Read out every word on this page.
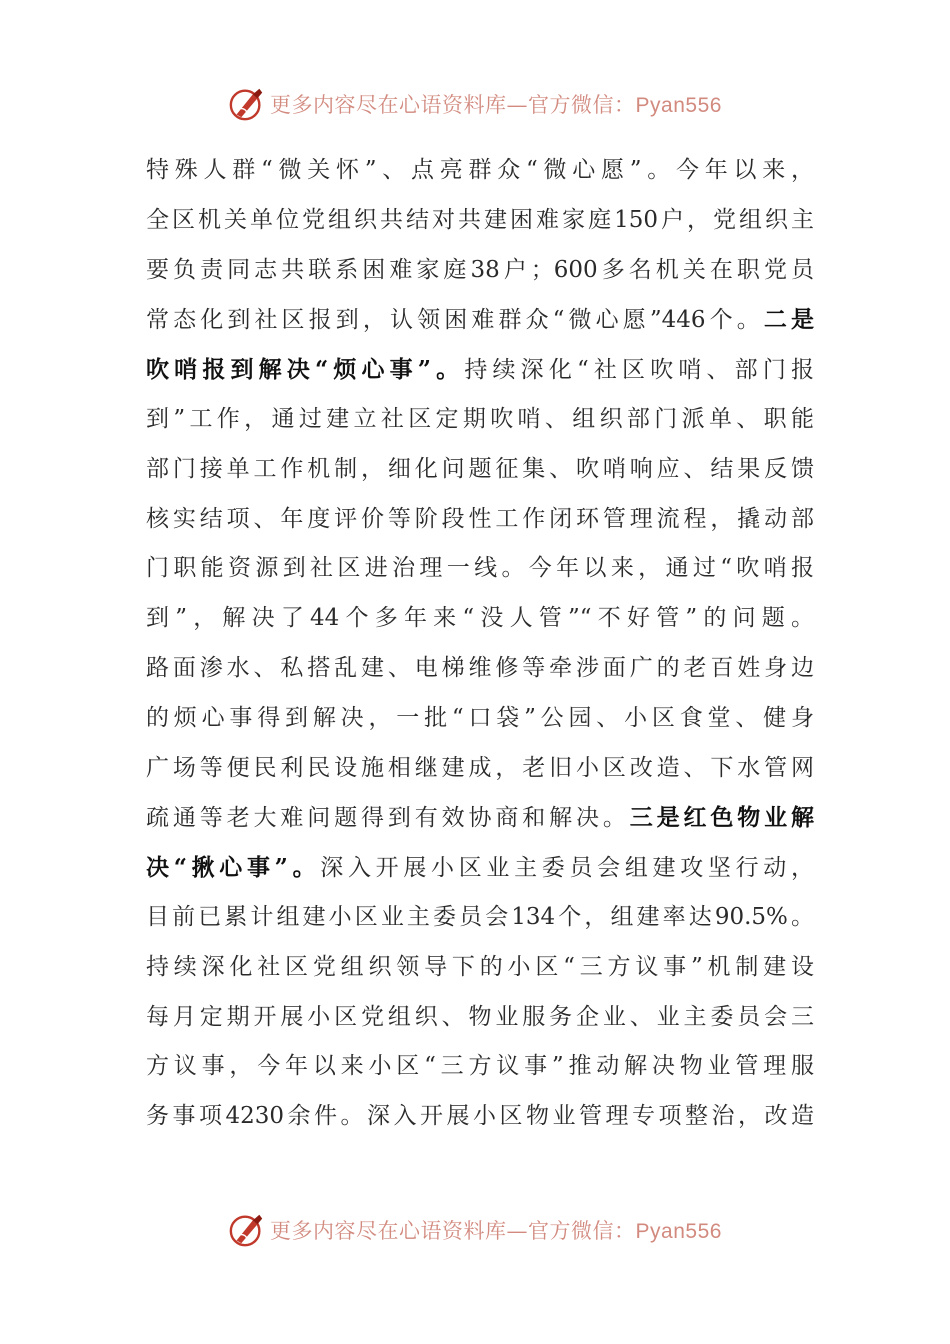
更多内容尽在心语资料库—官方微信：Pyan556
特殊人群“微关怀”、点亮群众“微心愿”。今年以来，
全区机关单位党组织共结对共建困难家庭150户，党组织主
要负责同志共联系困难家庭38户；600多名机关在职党员
常态化到社区报到，认领困难群众“微心愿”446个。二是
吹哨报到解决“烦心事”。持续深化“社区吹哨、部门报
到”工作，通过建立社区定期吹哨、组织部门派单、职能
部门接单工作机制，细化问题征集、吹哨响应、结果反馈
核实结项、年度评价等阶段性工作闭环管理流程，撬动部
门职能资源到社区进治理一线。今年以来，通过“吹哨报
到”，解决了44个多年来“没人管”“不好管”的问题。
路面渗水、私搭乱建、电梯维修等牵涉面广的老百姓身边
的烦心事得到解决，一批“口袋”公园、小区食堂、健身
广场等便民利民设施相继建成，老旧小区改造、下水管网
疏通等老大难问题得到有效协商和解决。三是红色物业解
决“揪心事”。深入开展小区业主委员会组建攻坚行动，
目前已累计组建小区业主委员会134个，组建率达90.5%。
持续深化社区党组织领导下的小区“三方议事”机制建设
每月定期开展小区党组织、物业服务企业、业主委员会三
方议事，今年以来小区“三方议事”推动解决物业管理服
务事项4230余件。深入开展小区物业管理专项整治，改造
更多内容尽在心语资料库—官方微信：Pyan556
